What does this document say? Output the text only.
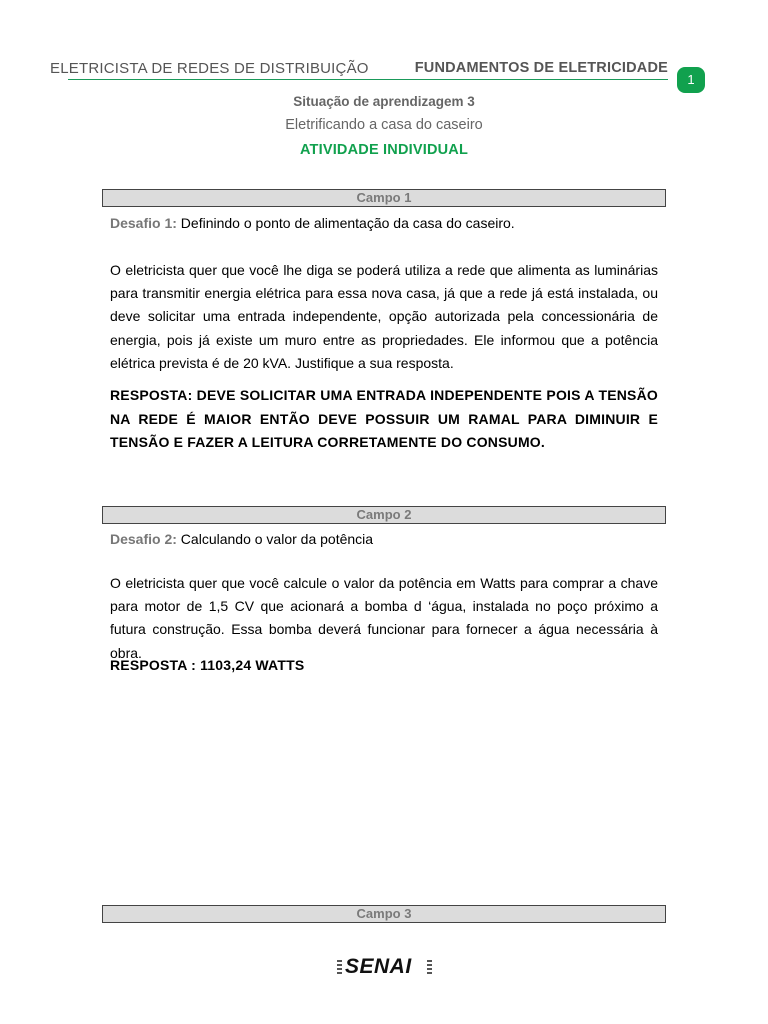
ELETRICISTA DE REDES DE DISTRIBUIÇÃO	FUNDAMENTOS DE ELETRICIDADE
1
Situação de aprendizagem 3
Eletrificando a casa do caseiro
ATIVIDADE INDIVIDUAL
Campo 1
Desafio 1: Definindo o ponto de alimentação da casa do caseiro.
O eletricista quer que você lhe diga se poderá utiliza a rede que alimenta as luminárias para transmitir energia elétrica para essa nova casa, já que a rede já está instalada, ou deve solicitar uma entrada independente, opção autorizada pela concessionária de energia, pois já existe um muro entre as propriedades. Ele informou que a potência elétrica prevista é de 20 kVA. Justifique a sua resposta.
RESPOSTA: DEVE SOLICITAR UMA ENTRADA INDEPENDENTE POIS A TENSÃO NA REDE É MAIOR ENTÃO DEVE POSSUIR UM RAMAL PARA DIMINUIR E TENSÃO E FAZER A LEITURA CORRETAMENTE DO CONSUMO.
Campo 2
Desafio 2: Calculando o valor da potência
O eletricista quer que você calcule o valor da potência em Watts para comprar a chave para motor de 1,5 CV que acionará a bomba d ‘água, instalada no poço próximo a futura construção. Essa bomba deverá funcionar para fornecer a água necessária à obra.
RESPOSTA : 1103,24 WATTS
Campo 3
SENAI
